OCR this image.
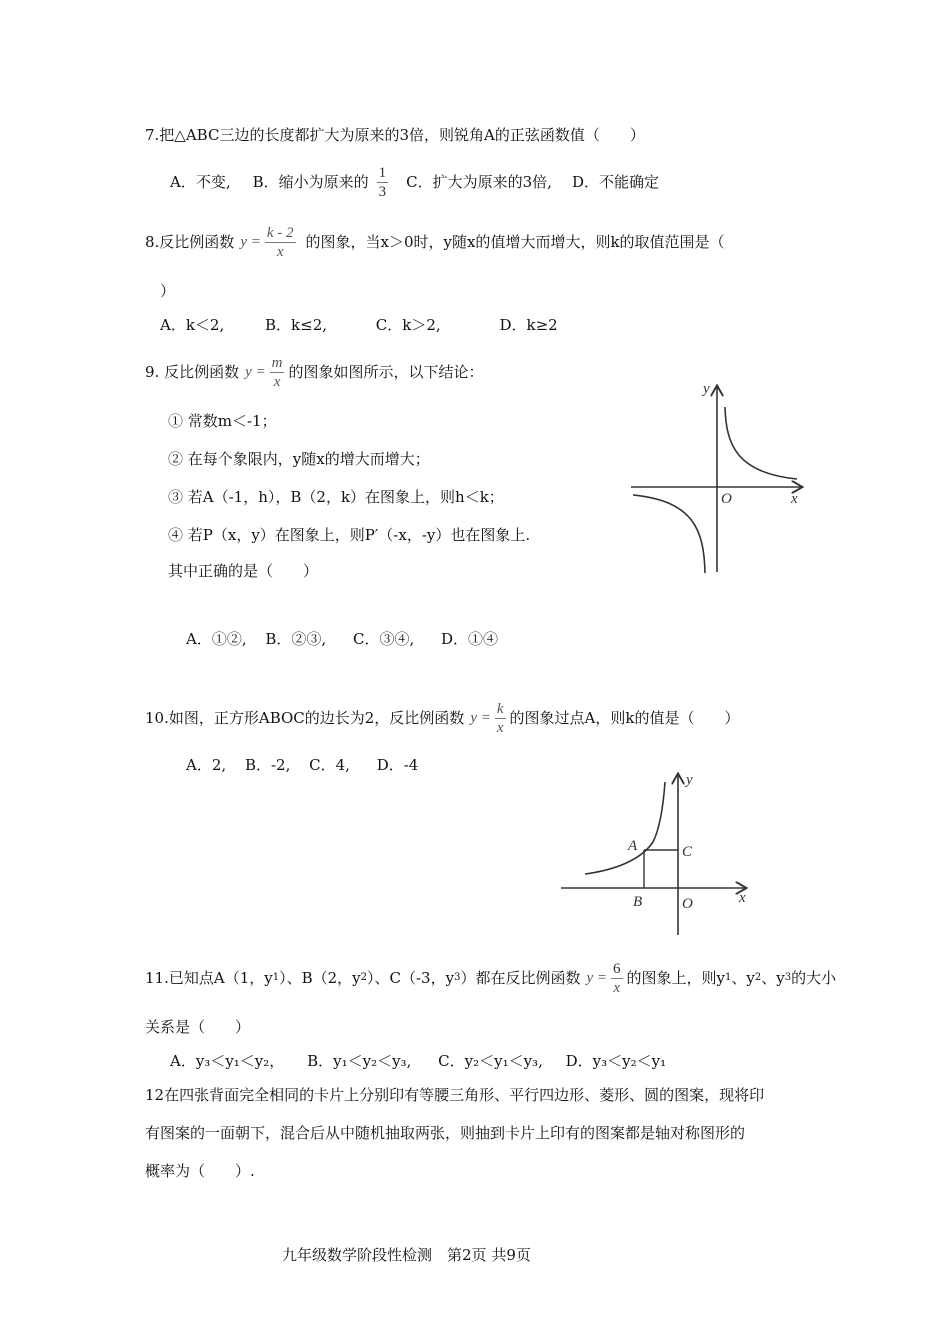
7.把△ABC三边的长度都扩大为原来的3倍，则锐角A的正弦函数值（　　）
A．不变, B．缩小为原来的 $\frac{1}{3}$ C．扩大为原来的3倍, D．不能确定
8.反比例函数 $y = \frac{k - 2}{x}$ 的图象，当x＞0时，y随x的值增大而增大，则k的取值范围是（
）
A．k＜2,	B．k≤2,	C．k＞2,	D．k≥2
9. 反比例函数 $y = \frac{m}{x}$ 的图象如图所示，以下结论：
① 常数m＜-1；
② 在每个象限内，y随x的增大而增大；
③ 若A（-1，h），B（2，k）在图象上，则h＜k；
④ 若P（x，y）在图象上，则P′（-x，-y）也在图象上.
其中正确的是（　　）
A．①②, B．②③, C．③④, D．①④
y
x
O
10.如图，正方形ABOC的边长为2，反比例函数 $y = \frac{k}{x}$ 的图象过点A，则k的值是（　　）
A．2, B．-2, C．4, D．-4
y
x
A
B
C
O
11.已知点A（1，y 1 ）、B（2，y 2 ）、C（-3，y 3 ）都在反比例函数 $y = \frac{6}{x}$ 的图象上，则y 1 、y 2 、y 3 的大小
关系是（　　）
A．y₃＜y₁＜y₂， B．y₁＜y₂＜y₃, C．y₂＜y₁＜y₃, D．y₃＜y₂＜y₁
12在四张背面完全相同的卡片上分别印有等腰三角形、平行四边形、菱形、圆的图案，现将印
有图案的一面朝下，混合后从中随机抽取两张，则抽到卡片上印有的图案都是轴对称图形的
概率为（　　）.
九年级数学阶段性检测　第2页 共9页
